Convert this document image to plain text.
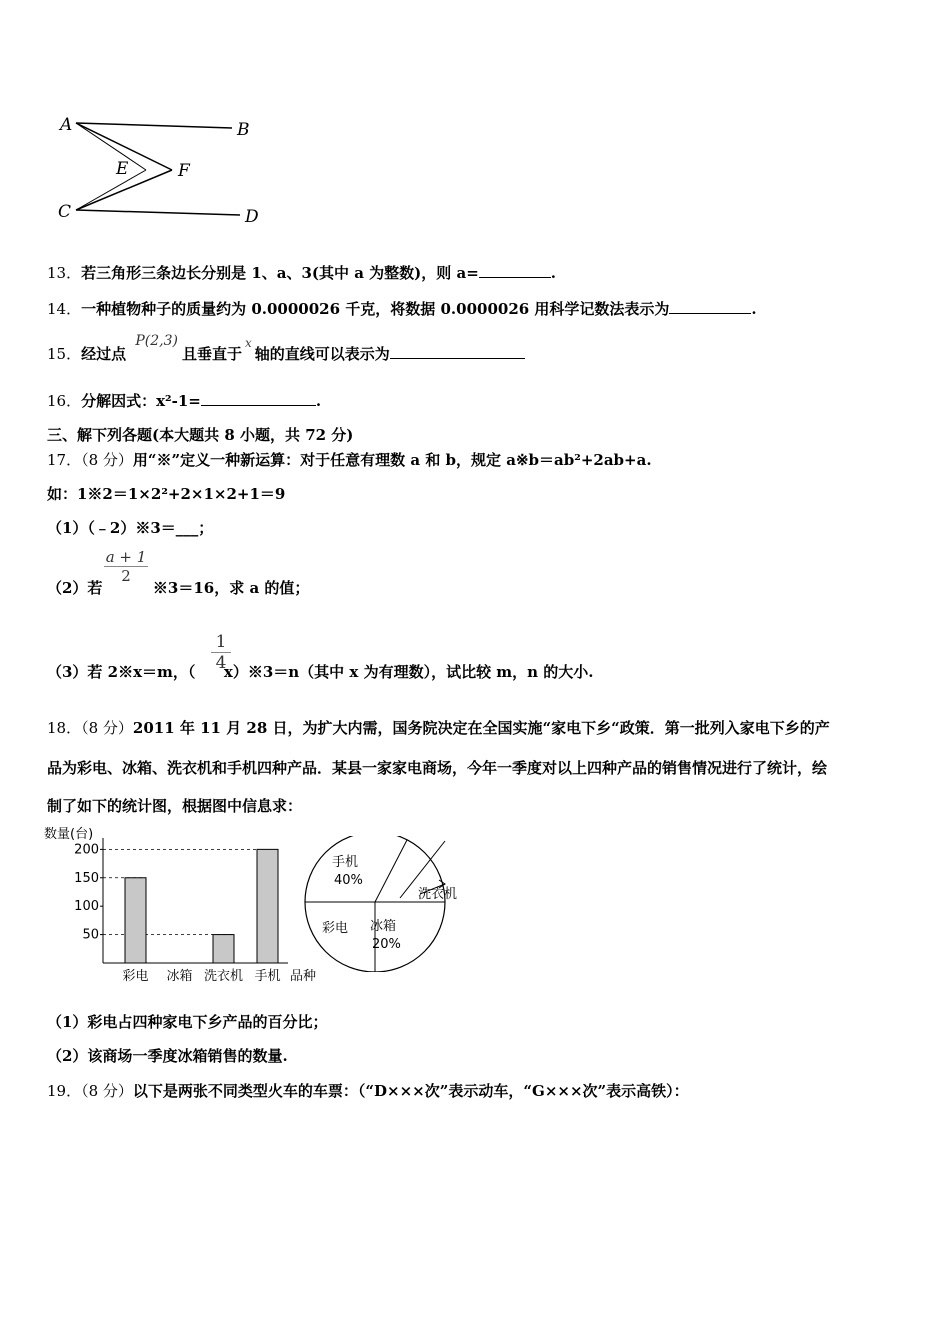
A	B
E	F
C	D
13．若三角形三条边长分别是 1、a、3(其中 a 为整数)，则 a=	.
14．一种植物种子的质量约为 0.0000026 千克，将数据 0.0000026 用科学记数法表示为	.
15．经过点 P(2,3)且垂直于$^x$轴的直线可以表示为
16．分解因式：x²-1=	.
三、解下列各题(本大题共 8 小题，共 72 分)
17．（8 分）用“※”定义一种新运算：对于任意有理数 a 和 b，规定 a※b＝ab²+2ab+a.
如：1※2＝1×2²+2×1×2+1＝9
（1）（﹣2）※3＝___；
（2）若	※3＝16，求 a 的值；
a + 1
2
（3）若 2※x＝m，（ x）※3＝n（其中 x 为有理数），试比较 m，n 的大小.
1
4
18．（8 分）2011 年 11 月 28 日，为扩大内需，国务院决定在全国实施“家电下乡“政策．第一批列入家电下乡的产
品为彩电、冰箱、洗衣机和手机四种产品．某县一家家电商场，今年一季度对以上四种产品的销售情况进行了统计，绘
制了如下的统计图，根据图中信息求：
数量(台)
200
150
100
50
彩电 冰箱 洗衣机 手机 品种
手机
40%
冰箱
20%
彩电
洗衣机
（1）彩电占四种家电下乡产品的百分比；
（2）该商场一季度冰箱销售的数量.
19．（8 分）以下是两张不同类型火车的车票：（“D×××次”表示动车，“G×××次”表示高铁）：
